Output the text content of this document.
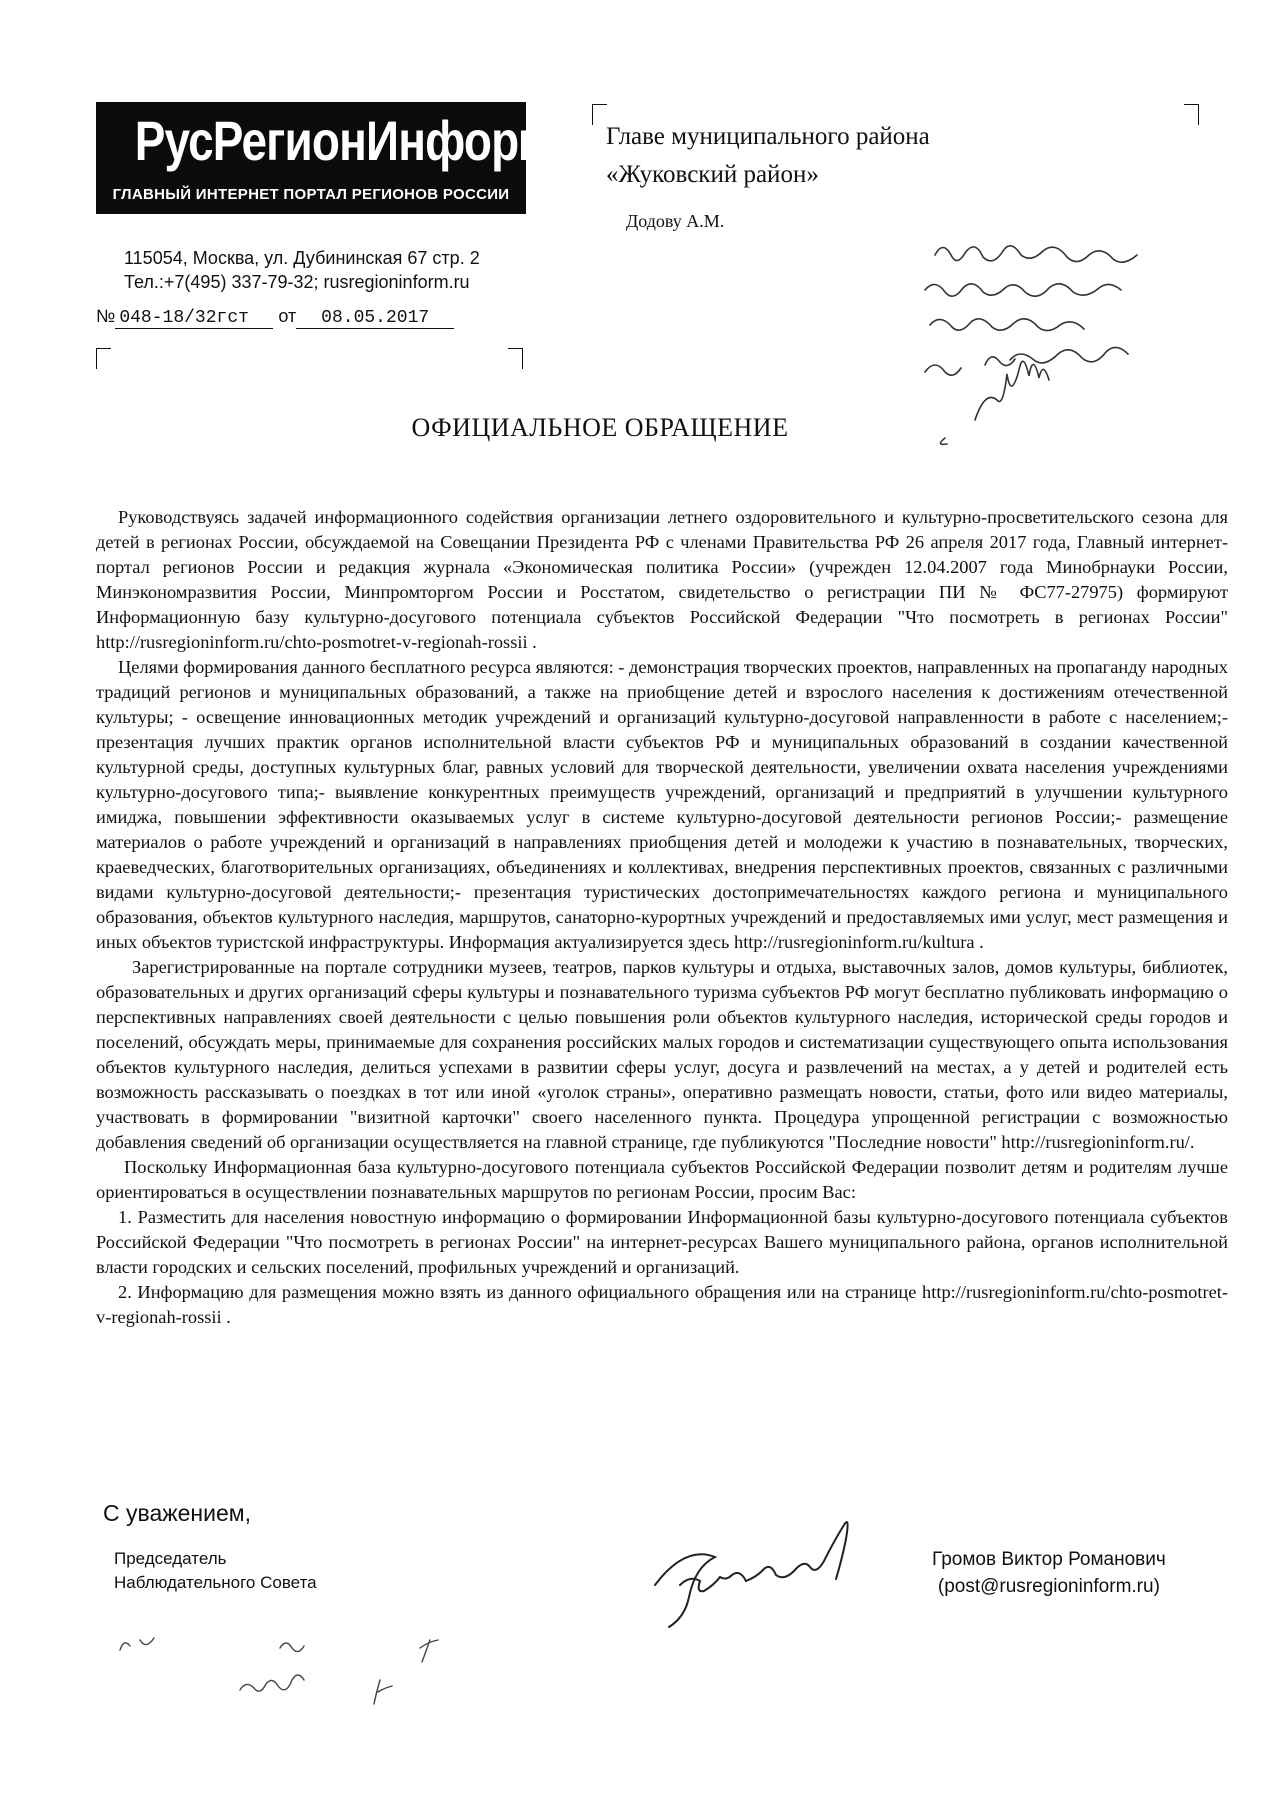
РусРегионИнформ
ГЛАВНЫЙ ИНТЕРНЕТ ПОРТАЛ РЕГИОНОВ РОССИИ
115054, Москва, ул. Дубининская 67 стр. 2
Тел.:+7(495) 337-79-32; rusregioninform.ru
№ 048-18/32гст от 08.05.2017
Главе муниципального района
«Жуковский район»
Додову А.М.
ОФИЦИАЛЬНОЕ ОБРАЩЕНИЕ

Руководствуясь задачей информационного содействия организации летнего оздоровительного и культурно-просветительского сезона для детей в регионах России, обсуждаемой на Совещании Президента РФ с членами Правительства РФ 26 апреля 2017 года, Главный интернет-портал регионов России и редакция журнала «Экономическая политика России» (учрежден 12.04.2007 года Минобрнауки России, Минэкономразвития России, Минпромторгом России и Росстатом, свидетельство о регистрации ПИ № ФС77-27975) формируют Информационную базу культурно-досугового потенциала субъектов Российской Федерации "Что посмотреть в регионах России" http://rusregioninform.ru/chto-posmotret-v-regionah-rossii .

Целями формирования данного бесплатного ресурса являются: - демонстрация творческих проектов, направленных на пропаганду народных традиций регионов и муниципальных образований, а также на приобщение детей и взрослого населения к достижениям отечественной культуры; - освещение инновационных методик учреждений и организаций культурно-досуговой направленности в работе с населением;- презентация лучших практик органов исполнительной власти субъектов РФ и муниципальных образований в создании качественной культурной среды, доступных культурных благ, равных условий для творческой деятельности, увеличении охвата населения учреждениями культурно-досугового типа;- выявление конкурентных преимуществ учреждений, организаций и предприятий в улучшении культурного имиджа, повышении эффективности оказываемых услуг в системе культурно-досуговой деятельности регионов России;- размещение материалов о работе учреждений и организаций в направлениях приобщения детей и молодежи к участию в познавательных, творческих, краеведческих, благотворительных организациях, объединениях и коллективах, внедрения перспективных проектов, связанных с различными видами культурно-досуговой деятельности;- презентация туристических достопримечательностях каждого региона и муниципального образования, объектов культурного наследия, маршрутов, санаторно-курортных учреждений и предоставляемых ими услуг, мест размещения и иных объектов туристской инфраструктуры. Информация актуализируется здесь http://rusregioninform.ru/kultura .

Зарегистрированные на портале сотрудники музеев, театров, парков культуры и отдыха, выставочных залов, домов культуры, библиотек, образовательных и других организаций сферы культуры и познавательного туризма субъектов РФ могут бесплатно публиковать информацию о перспективных направлениях своей деятельности с целью повышения роли объектов культурного наследия, исторической среды городов и поселений, обсуждать меры, принимаемые для сохранения российских малых городов и систематизации существующего опыта использования объектов культурного наследия, делиться успехами в развитии сферы услуг, досуга и развлечений на местах, а у детей и родителей есть возможность рассказывать о поездках в тот или иной «уголок страны», оперативно размещать новости, статьи, фото или видео материалы, участвовать в формировании "визитной карточки" своего населенного пункта. Процедура упрощенной регистрации с возможностью добавления сведений об организации осуществляется на главной странице, где публикуются "Последние новости" http://rusregioninform.ru/.

Поскольку Информационная база культурно-досугового потенциала субъектов Российской Федерации позволит детям и родителям лучше ориентироваться в осуществлении познавательных маршрутов по регионам России, просим Вас:

1. Разместить для населения новостную информацию о формировании Информационной базы культурно-досугового потенциала субъектов Российской Федерации "Что посмотреть в регионах России" на интернет-ресурсах Вашего муниципального района, органов исполнительной власти городских и сельских поселений, профильных учреждений и организаций.

2. Информацию для размещения можно взять из данного официального обращения или на странице http://rusregioninform.ru/chto-posmotret-v-regionah-rossii .

С уважением,
Председатель
Наблюдательного Совета
Громов Виктор Романович
(post@rusregioninform.ru)
